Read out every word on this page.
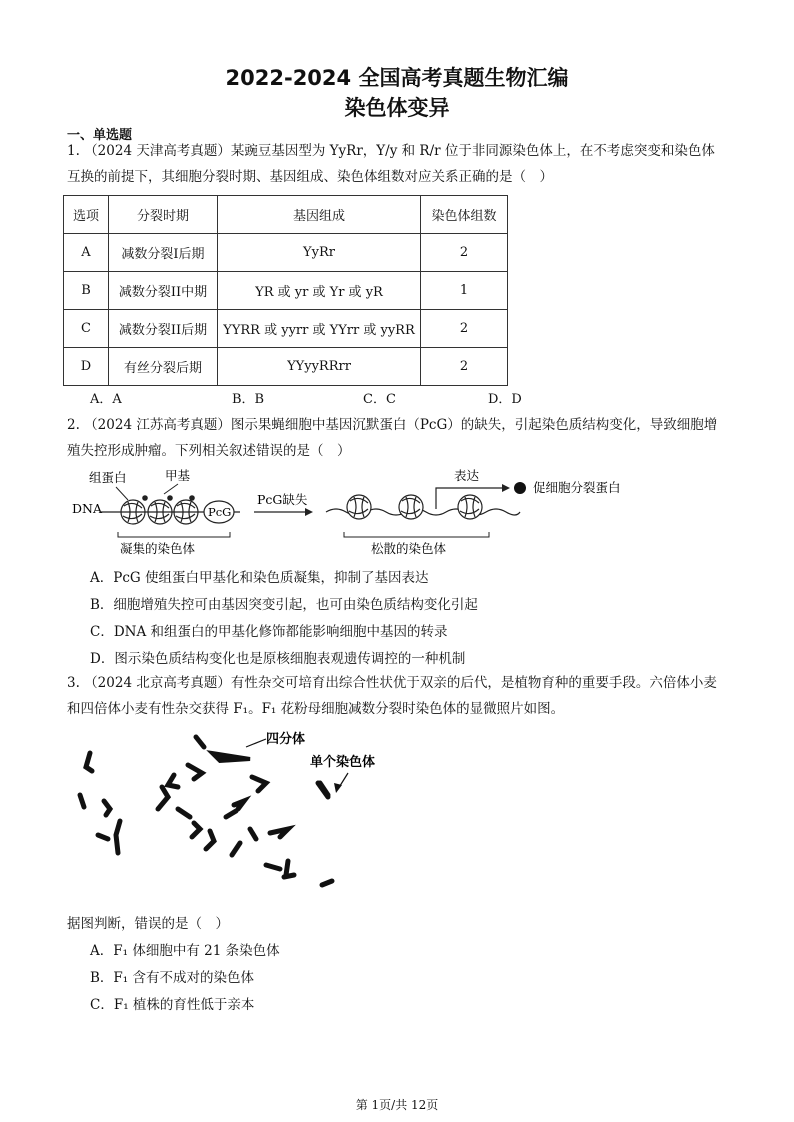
2022-2024 全国高考真题生物汇编
染色体变异
一、单选题
1. （2024 天津高考真题）某豌豆基因型为 YyRr，Y/y 和 R/r 位于非同源染色体上，在不考虑突变和染色体互换的前提下，其细胞分裂时期、基因组成、染色体组数对应关系正确的是（　）
选项	分裂时期	基因组成	染色体组数
A	减数分裂I后期	YyRr	2
B	减数分裂II中期	YR 或 yr 或 Yr 或 yR	1
C	减数分裂II后期	YYRR 或 yyrr 或 YYrr 或 yyRR	2
D	有丝分裂后期	YYyyRRrr	2
A．A	B．B	C．C	D．D
2. （2024 江苏高考真题）图示果蝇细胞中基因沉默蛋白（PcG）的缺失，引起染色质结构变化，导致细胞增殖失控形成肿瘤。下列相关叙述错误的是（　）
组蛋白	甲基
DNA	PcG
凝集的染色体
PcG缺失
表达
促细胞分裂蛋白
松散的染色体
A．PcG 使组蛋白甲基化和染色质凝集，抑制了基因表达
B．细胞增殖失控可由基因突变引起，也可由染色质结构变化引起
C．DNA 和组蛋白的甲基化修饰都能影响细胞中基因的转录
D．图示染色质结构变化也是原核细胞表观遗传调控的一种机制
3. （2024 北京高考真题）有性杂交可培育出综合性状优于双亲的后代，是植物育种的重要手段。六倍体小麦和四倍体小麦有性杂交获得 F₁。F₁ 花粉母细胞减数分裂时染色体的显微照片如图。
四分体
单个染色体
据图判断，错误的是（　）
A．F₁ 体细胞中有 21 条染色体
B．F₁ 含有不成对的染色体
C．F₁ 植株的育性低于亲本
第 1页/共 12页
